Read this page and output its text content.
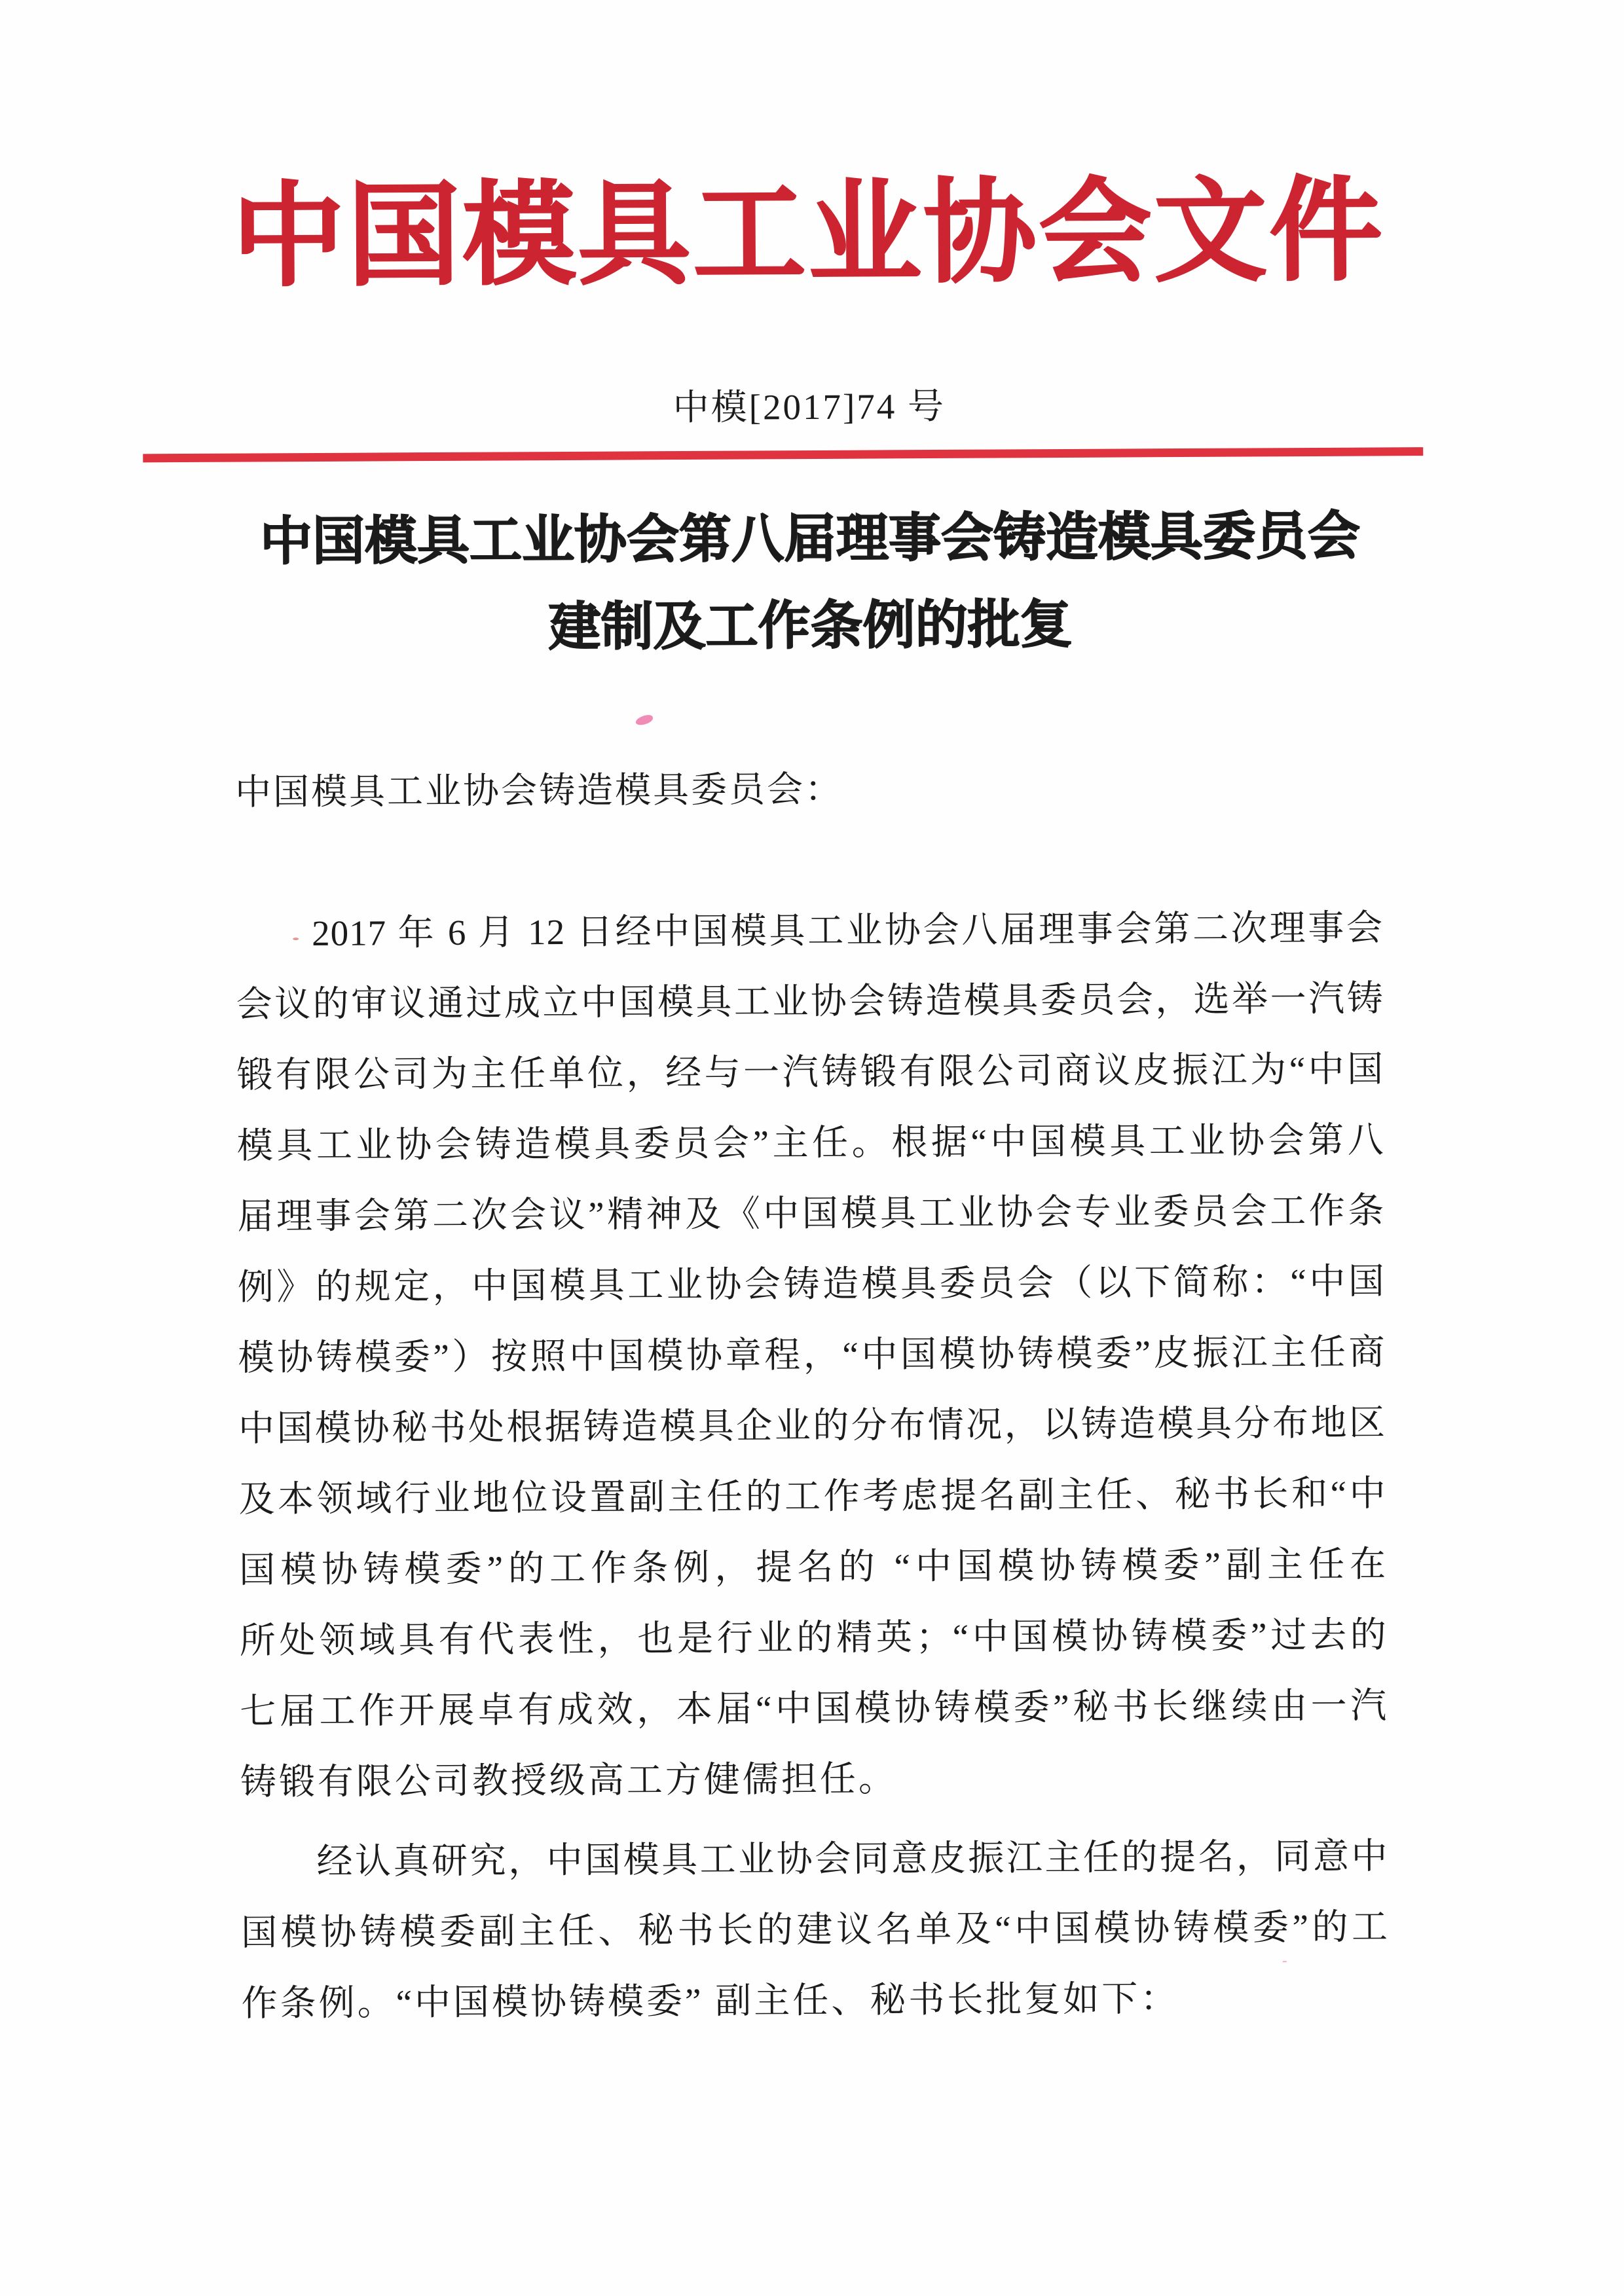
中国模具工业协会文件
中模[2017]74 号
中国模具工业协会第八届理事会铸造模具委员会
建制及工作条例的批复
中国模具工业协会铸造模具委员会：
2017 年 6 月 12 日经中国模具工业协会八届理事会第二次理事会
会议的审议通过成立中国模具工业协会铸造模具委员会，选举一汽铸
锻有限公司为主任单位，经与一汽铸锻有限公司商议皮振江为“中国
模具工业协会铸造模具委员会”主任。根据“中国模具工业协会第八
届理事会第二次会议”精神及《中国模具工业协会专业委员会工作条
例》的规定，中国模具工业协会铸造模具委员会（以下简称：“中国
模协铸模委”）按照中国模协章程，“中国模协铸模委”皮振江主任商
中国模协秘书处根据铸造模具企业的分布情况，以铸造模具分布地区
及本领域行业地位设置副主任的工作考虑提名副主任、秘书长和“中
国模协铸模委”的工作条例，提名的 “中国模协铸模委”副主任在
所处领域具有代表性，也是行业的精英；“中国模协铸模委”过去的
七届工作开展卓有成效，本届“中国模协铸模委”秘书长继续由一汽
铸锻有限公司教授级高工方健儒担任。
经认真研究，中国模具工业协会同意皮振江主任的提名，同意中
国模协铸模委副主任、秘书长的建议名单及“中国模协铸模委”的工
作条例。“中国模协铸模委” 副主任、秘书长批复如下：
